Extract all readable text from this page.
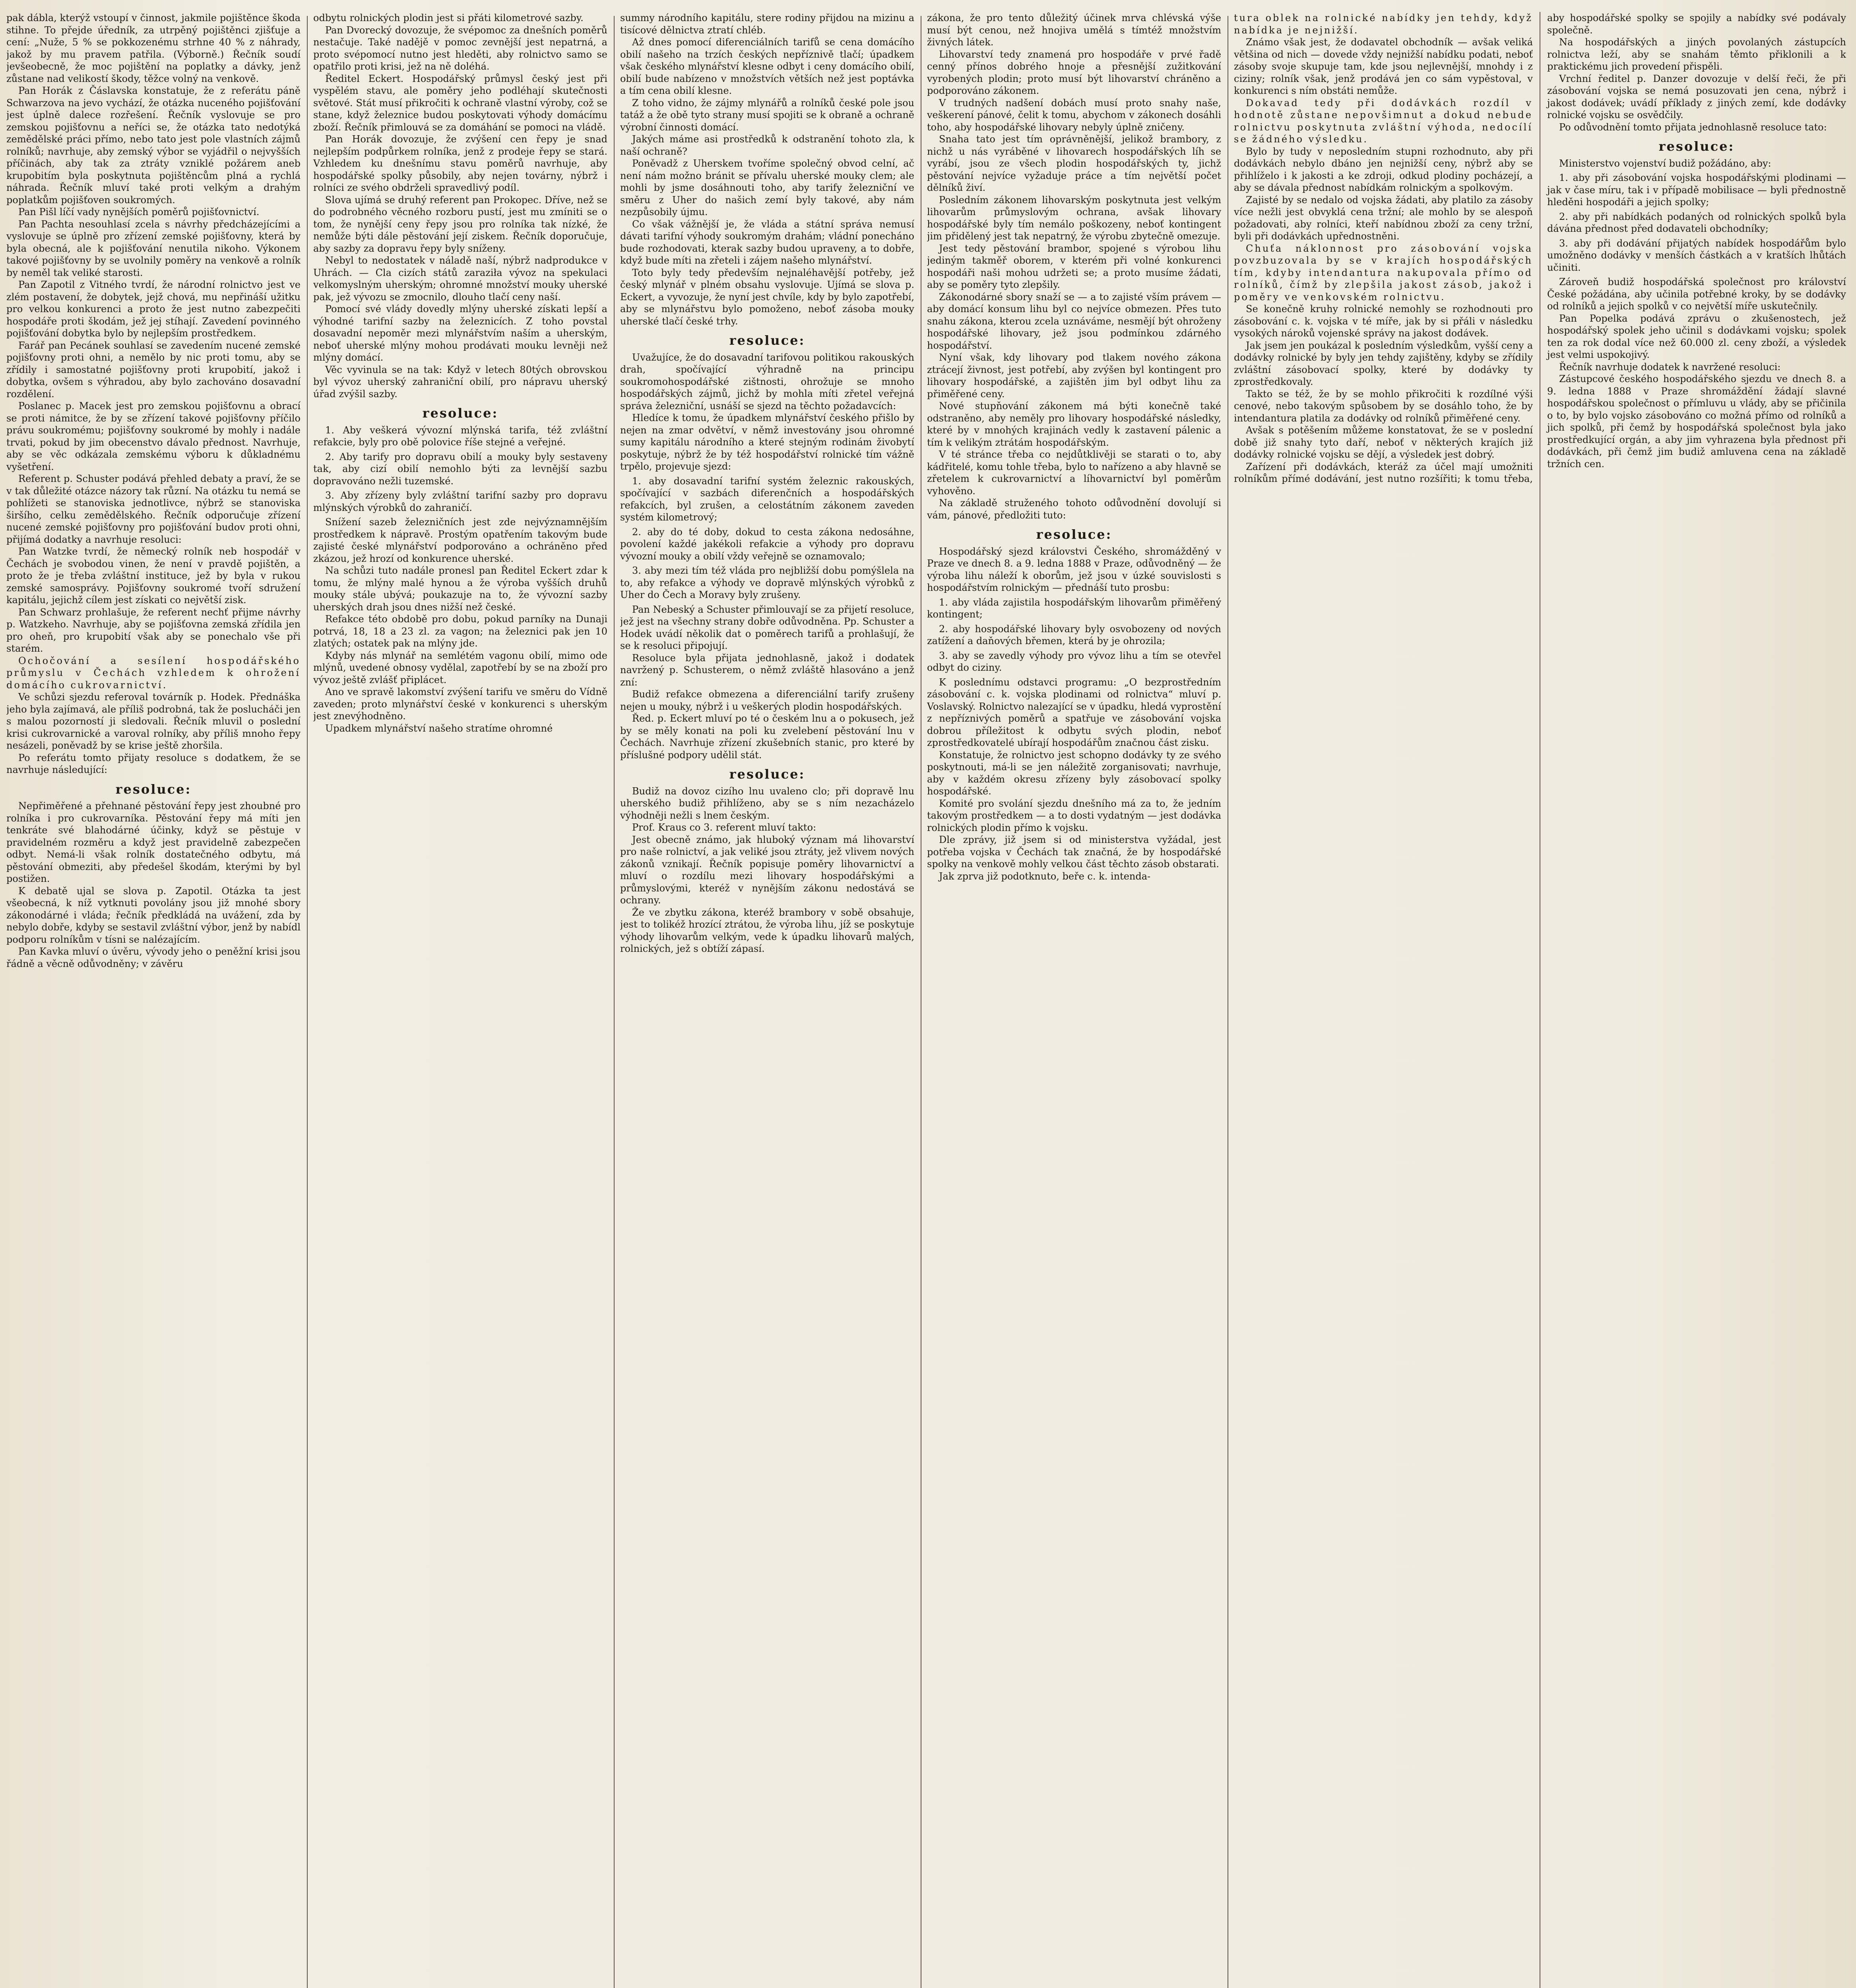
pak dábla, kterýž vstoupí v činnost, jakmile pojištěnce škoda stihne. To přejde úředník, za utrpěný pojištěnci zjišťuje a cení: „Nuže, 5 % se pokkozenému strhne 40 % z náhrady, jakož by mu pravem patřila. (Výborně.) Řečník soudí jevšeobecně, že moc pojištění na poplatky a dávky, jenž zůstane nad velikostí škody, těžce volný na venkově.

Pan Horák z Čáslavska konstatuje, že z referátu páně Schwarzova na jevo vychází, že otázka nuceného pojišťování jest úplně dalece rozřešení. Řečník vyslovuje se pro zemskou pojišťovnu a neříci se, že otázka tato nedotýká zemědělské práci přímo, nebo tato jest pole vlastních zájmů rolníků; navrhuje, aby zemský výbor se vyjádřil o nejvyšších příčinách, aby tak za ztráty vzniklé požárem aneb krupobitím byla poskytnuta pojištěncům plná a rychlá náhrada. Řečník mluví také proti velkým a drahým poplatkům pojišťoven soukromých.

Pan Pišl líčí vady nynějších poměrů pojišťovnictví.

Pan Pachta nesouhlasí zcela s návrhy předcházejícími a vyslovuje se úplně pro zřízení zemské pojišťovny, která by byla obecná, ale k pojišťování nenutila nikoho. Výkonem takové pojišťovny by se uvolnily poměry na venkově a rolník by neměl tak veliké starosti.

Pan Zapotil z Vitného tvrdí, že národní rolnictvo jest ve zlém postavení, že dobytek, jejž chová, mu nepřináší užitku pro velkou konkurenci a proto že jest nutno zabezpečiti hospodáře proti škodám, jež jej stíhají. Zavedení povinného pojišťování dobytka bylo by nejlepším prostředkem.

Farář pan Pecánek souhlasí se zavedením nucené zemské pojišťovny proti ohni, a nemělo by nic proti tomu, aby se zřídily i samostatné pojišťovny proti krupobití, jakož i dobytka, ovšem s výhradou, aby bylo zachováno dosavadní rozdělení.

Poslanec p. Macek jest pro zemskou pojišťovnu a obrací se proti námitce, že by se zřízení takové pojišťovny příčilo právu soukromému; pojišťovny soukromé by mohly i nadále trvati, pokud by jim obecenstvo dávalo přednost. Navrhuje, aby se věc odkázala zemskému výboru k důkladnému vyšetření.

Referent p. Schuster podává přehled debaty a praví, že se v tak důležité otázce názory tak různí. Na otázku tu nemá se pohlížeti se stanoviska jednotlivce, nýbrž se stanoviska širšího, celku zemědělského. Řečník odporučuje zřízení nucené zemské pojišťovny pro pojišťování budov proti ohni, přijímá dodatky a navrhuje resoluci:

Pan Watzke tvrdí, že německý rolník neb hospodář v Čechách je svobodou vinen, že není v pravdě pojištěn, a proto že je třeba zvláštní instituce, jež by byla v rukou zemské samosprávy. Pojišťovny soukromé tvoří sdružení kapitálu, jejichž cílem jest získati co největší zisk.

Pan Schwarz prohlašuje, že referent nechť přijme návrhy p. Watzkeho. Navrhuje, aby se pojišťovna zemská zřídila jen pro oheň, pro krupobití však aby se ponechalo vše při starém.

Ochočování a sesílení hospodářského průmyslu v Čechách vzhledem k ohrožení domácího cukrovarnictví.

Ve schůzi sjezdu referoval továrník p. Hodek. Přednáška jeho byla zajímavá, ale příliš podrobná, tak že poslucháči jen s malou pozorností ji sledovali. Řečník mluvil o poslední krisi cukrovarnické a varoval rolníky, aby příliš mnoho řepy nesázeli, poněvadž by se krise ještě zhoršila.

Po referátu tomto přijaty resoluce s dodatkem, že se navrhuje následující:

resoluce:

Nepřiměřené a přehnané pěstování řepy jest zhoubné pro rolníka i pro cukrovarníka. Pěstování řepy má míti jen tenkráte své blahodárné účinky, když se pěstuje v pravidelném rozměru a když jest pravidelně zabezpečen odbyt. Nemá-li však rolník dostatečného odbytu, má pěstování obmeziti, aby předešel škodám, kterými by byl postižen.

K debatě ujal se slova p. Zapotil. Otázka ta jest všeobecná, k níž vytknuti povolány jsou již mnohé sbory zákonodárné i vláda; řečník předkládá na uvážení, zda by nebylo dobře, kdyby se sestavil zvláštní výbor, jenž by nabídl podporu rolníkům v tísni se nalézajícím.

Pan Kavka mluví o úvěru, vývody jeho o peněžní krisi jsou řádně a věcně odůvodněny; v závěru

odbytu rolnických plodin jest si přáti kilometrové sazby.

Pan Dvorecký dovozuje, že svépomoc za dnešních poměrů nestačuje. Také nadějě v pomoc zevnější jest nepatrná, a proto svépomocí nutno jest hleděti, aby rolnictvo samo se opatřilo proti krisi, jež na ně doléhá.

Ředitel Eckert. Hospodářský průmysl český jest při vyspělém stavu, ale poměry jeho podléhají skutečnosti světové. Stát musí přikročiti k ochraně vlastní výroby, což se stane, když železnice budou poskytovati výhody domácímu zboží. Řečník přimlouvá se za domáhání se pomoci na vládě.

Pan Horák dovozuje, že zvýšení cen řepy je snad nejlepším podpůrkem rolníka, jenž z prodeje řepy se stará. Vzhledem ku dnešnímu stavu poměrů navrhuje, aby hospodářské spolky působily, aby nejen továrny, nýbrž i rolníci ze svého obdrželi spravedlivý podíl.

Slova ujímá se druhý referent pan Prokopec. Dříve, než se do podrobného věcného rozboru pustí, jest mu zmíniti se o tom, že nynější ceny řepy jsou pro rolníka tak nízké, že nemůže býti dále pěstování její ziskem. Řečník doporučuje, aby sazby za dopravu řepy byly sníženy.

Nebyl to nedostatek v náladě naší, nýbrž nadprodukce v Uhrách. — Cla cizích států zaraziła vývoz na spekulaci velkomyslným uherským; ohromné množství mouky uherské pak, jež vývozu se zmocnilo, dlouho tlačí ceny naší.

Pomocí své vlády dovedly mlýny uherské získati lepší a výhodné tarifní sazby na železnicích. Z toho povstal dosavadní nepoměr mezi mlynářstvím naším a uherským, neboť uherské mlýny mohou prodávati mouku levněji než mlýny domácí.

Věc vyvinula se na tak: Když v letech 80tých obrovskou byl vývoz uherský zahraniční obilí, pro nápravu uherský úřad zvýšil sazby.

resoluce:

1. Aby veškerá vývozní mlýnská tarifa, též zvláštní refakcie, byly pro obě polovice říše stejné a veřejné.

2. Aby tarify pro dopravu obilí a mouky byly sestaveny tak, aby cizí obilí nemohlo býti za levnější sazbu dopravováno nežli tuzemské.

3. Aby zřízeny byly zvláštní tarifní sazby pro dopravu mlýnských výrobků do zahraničí.

Snížení sazeb železničních jest zde nejvýznamnějším prostředkem k nápravě. Prostým opatřením takovým bude zajisté české mlynářství podporováno a ochráněno před zkázou, jež hrozí od konkurence uherské.

Na schůzi tuto nadále pronesl pan Ředitel Eckert zdar k tomu, že mlýny malé hynou a že výroba vyšších druhů mouky stále ubývá; poukazuje na to, že vývozní sazby uherských drah jsou dnes nižší než české.

Refakce této obdobě pro dobu, pokud parníky na Dunaji potrvá, 18, 18 a 23 zl. za vagon; na železnici pak jen 10 zlatých; ostatek pak na mlýny jde.

Kdyby nás mlynář na semlétém vagonu obilí, mimo ode mlýnů, uvedené obnosy vydělal, zapotřebí by se na zboží pro vývoz ještě zvlášť připlácet.

Ano ve spravě lakomství zvýšení tarifu ve směru do Vídně zaveden; proto mlynářství české v konkurenci s uherským jest znevýhodněno.

Upadkem mlynářství našeho stratíme ohromné

summy národního kapitálu, stere rodiny přijdou na mizinu a tisícové dělnictva ztratí chléb.

Až dnes pomocí diferenciálních tarifů se cena domácího obilí našeho na trzích českých nepříznivě tlačí; úpadkem však českého mlynářství klesne odbyt i ceny domácího obilí, obilí bude nabízeno v množstvích větších než jest poptávka a tím cena obilí klesne.

Z toho vidno, že zájmy mlynářů a rolníků české pole jsou tatáž a že obě tyto strany musí spojiti se k obraně a ochraně výrobní činnosti domácí.

Jakých máme asi prostředků k odstranění tohoto zla, k naší ochraně?

Poněvadž z Uherskem tvoříme společný obvod celní, ač není nám možno bránit se přívalu uherské mouky clem; ale mohli by jsme dosáhnouti toho, aby tarify železniční ve směru z Uher do našich zemí byly takové, aby nám nezpůsobily újmu.

Co však vážnější je, že vláda a státní správa nemusí dávati tarifní výhody soukromým drahám; vládní ponecháno bude rozhodovati, kterak sazby budou upraveny, a to dobře, když bude míti na zřeteli i zájem našeho mlynářství.

Toto byly tedy především nejnaléhavější potřeby, jež český mlynář v plném obsahu vyslovuje. Ujímá se slova p. Eckert, a vyvozuje, že nyní jest chvíle, kdy by bylo zapotřebí, aby se mlynářstvu bylo pomoženo, neboť zásoba mouky uherské tlačí české trhy.

resoluce:

Uvažujíce, že do dosavadní tarifovou politikou rakouských drah, spočívající výhradně na principu soukromohospodářské zištnosti, ohrožuje se mnoho hospodářských zájmů, jichž by mohla míti zřetel veřejná správa železniční, usnáší se sjezd na těchto požadavcích:

Hledíce k tomu, že úpadkem mlynářství českého přišlo by nejen na zmar odvětví, v němž investovány jsou ohromné sumy kapitálu národního a které stejným rodinám živobytí poskytuje, nýbrž že by též hospodářství rolnické tím vážně trpělo, projevuje sjezd:

1. aby dosavadní tarifní systém železnic rakouských, spočívající v sazbách diferenčních a hospodářských refakcích, byl zrušen, a celostátním zákonem zaveden systém kilometrový;

2. aby do té doby, dokud to cesta zákona nedosáhne, povolení každé jakékoli refakcie a výhody pro dopravu vývozní mouky a obilí vždy veřejně se oznamovalo;

3. aby mezi tím též vláda pro nejbližší dobu pomýšlela na to, aby refakce a výhody ve dopravě mlýnských výrobků z Uher do Čech a Moravy byly zrušeny.

Pan Nebeský a Schuster přimlouvají se za přijetí resoluce, jež jest na všechny strany dobře odůvodněna. Pp. Schuster a Hodek uvádí několik dat o poměrech tarifů a prohlašují, že se k resoluci připojují.

Resoluce byla přijata jednohlasně, jakož i dodatek navržený p. Schusterem, o němž zvláště hlasováno a jenž zní:

Budiž refakce obmezena a diferenciální tarify zrušeny nejen u mouky, nýbrž i u veškerých plodin hospodářských.

Řed. p. Eckert mluví po té o českém lnu a o pokusech, jež by se měly konati na poli ku zvelebení pěstování lnu v Čechách. Navrhuje zřízení zkušebních stanic, pro které by příslušné podpory udělil stát.

resoluce:

Budiž na dovoz cizího lnu uvaleno clo; při dopravě lnu uherského budiž přihlíženo, aby se s ním nezacházelo výhodněji nežli s lnem českým.

Prof. Kraus co 3. referent mluví takto:

Jest obecně známo, jak hluboký význam má lihovarství pro naše rolnictví, a jak veliké jsou ztráty, jež vlivem nových zákonů vznikají. Řečník popisuje poměry lihovarnictví a mluví o rozdílu mezi lihovary hospodářskými a průmyslovými, kteréž v nynějším zákonu nedostává se ochrany.

Že ve zbytku zákona, kteréž brambory v sobě obsahuje, jest to tolikéž hrozící ztrátou, že výroba lihu, jíž se poskytuje výhody lihovarům velkým, vede k úpadku lihovarů malých, rolnických, jež s obtíží zápasí.

zákona, že pro tento důležitý účinek mrva chlévská výše musí být cenou, než hnojiva umělá s tímtéž množstvím živných látek.

Lihovarství tedy znamená pro hospodáře v prvé řadě cenný přínos dobrého hnoje a přesnější zužitkování vyrobených plodin; proto musí být lihovarství chráněno a podporováno zákonem.

V trudných nadšení dobách musí proto snahy naše, veškerení pánové, čelit k tomu, abychom v zákonech dosáhli toho, aby hospodářské lihovary nebyly úplně zničeny.

Snaha tato jest tím oprávněnější, jelikož brambory, z nichž u nás vyráběné v lihovarech hospodářských líh se vyrábí, jsou ze všech plodin hospodářských ty, jichž pěstování nejvíce vyžaduje práce a tím největší počet dělníků živí.

Posledním zákonem lihovarským poskytnuta jest velkým lihovarům průmyslovým ochrana, avšak lihovary hospodářské byly tím nemálo poškozeny, neboť kontingent jim přidělený jest tak nepatrný, že výrobu zbytečně omezuje.

Jest tedy pěstování brambor, spojené s výrobou lihu jediným takměř oborem, v kterém při volné konkurenci hospodáři naši mohou udržeti se; a proto musíme žádati, aby se poměry tyto zlepšily.

Zákonodárné sbory snaží se — a to zajisté vším právem — aby domácí konsum lihu byl co nejvíce obmezen. Přes tuto snahu zákona, kterou zcela uznáváme, nesmějí být ohroženy hospodářské lihovary, jež jsou podmínkou zdárného hospodářství.

Nyní však, kdy lihovary pod tlakem nového zákona ztrácejí živnost, jest potřebí, aby zvýšen byl kontingent pro lihovary hospodářské, a zajištěn jim byl odbyt lihu za přiměřené ceny.

Nové stupňování zákonem má býti konečně také odstraněno, aby neměly pro lihovary hospodářské následky, které by v mnohých krajinách vedly k zastavení pálenic a tím k velikým ztrátám hospodářským.

V té stránce třeba co nejdůtklivěji se starati o to, aby kádřitelé, komu tohle třeba, bylo to nařízeno a aby hlavně se zřetelem k cukrovarnictví a líhovarnictví byl poměrům vyhověno.

Na základě struženého tohoto odůvodnění dovolují si vám, pánové, předložiti tuto:

resoluce:

Hospodářský sjezd královstvi Českého, shromážděný v Praze ve dnech 8. a 9. ledna 1888 v Praze, odůvodněný — že výroba lihu náleží k oborům, jež jsou v úzké souvislosti s hospodářstvím rolnickým — přednáší tuto prosbu:

1. aby vláda zajistila hospodářským lihovarům přiměřený kontingent;

2. aby hospodářské lihovary byly osvobozeny od nových zatížení a daňových břemen, která by je ohrozila;

3. aby se zavedly výhody pro vývoz lihu a tím se otevřel odbyt do ciziny.

K poslednímu odstavci programu: „O bezprostředním zásobování c. k. vojska plodinami od rolnictva“ mluví p. Voslavský. Rolnictvo nalezající se v úpadku, hledá vyprostění z nepříznivých poměrů a spatřuje ve zásobování vojska dobrou příležitost k odbytu svých plodin, neboť zprostředkovatelé ubírají hospodářům značnou část zisku.

Konstatuje, že rolnictvo jest schopno dodávky ty ze svého poskytnouti, má-li se jen náležitě zorganisovati; navrhuje, aby v každém okresu zřízeny byly zásobovací spolky hospodářské.

Komité pro svolání sjezdu dnešního má za to, že jedním takovým prostředkem — a to dosti vydatným — jest dodávka rolnických plodin přímo k vojsku.

Dle zprávy, již jsem si od ministerstva vyžádal, jest potřeba vojska v Čechách tak značná, že by hospodářské spolky na venkově mohly velkou část těchto zásob obstarati.

Jak zprva již podotknuto, beře c. k. intenda-

tura oblek na rolnické nabídky jen tehdy, když nabídka je nejnižší.

Známo však jest, že dodavatel obchodník — avšak veliká většina od nich — dovede vždy nejnižší nabídku podati, neboť zásoby svoje skupuje tam, kde jsou nejlevnější, mnohdy i z ciziny; rolník však, jenž prodává jen co sám vypěstoval, v konkurenci s ním obstáti nemůže.

Dokavad tedy při dodávkách rozdíl v hodnotě zůstane nepovšimnut a dokud nebude rolnictvu poskytnuta zvláštní výhoda, nedocílí se žádného výsledku.

Bylo by tudy v neposledním stupni rozhodnuto, aby při dodávkách nebylo dbáno jen nejnižší ceny, nýbrž aby se přihlíželo i k jakosti a ke zdroji, odkud plodiny pocházejí, a aby se dávala přednost nabídkám rolnickým a spolkovým.

Zajisté by se nedalo od vojska žádati, aby platilo za zásoby více nežli jest obvyklá cena tržní; ale mohlo by se alespoň požadovati, aby rolníci, kteří nabídnou zboží za ceny tržní, byli při dodávkách upřednostněni.

Chuťa náklonnost pro zásobování vojska povzbuzovala by se v krajích hospodářských tím, kdyby intendantura nakupovala přímo od rolníků, čímž by zlepšila jakost zásob, jakož i poměry ve venkovském rolnictvu.

Se konečně kruhy rolnické nemohly se rozhodnouti pro zásobování c. k. vojska v té míře, jak by si přáli v následku vysokých nároků vojenské správy na jakost dodávek.

Jak jsem jen poukázal k posledním výsledkům, vyšší ceny a dodávky rolnické by byly jen tehdy zajištěny, kdyby se zřídily zvláštní zásobovací spolky, které by dodávky ty zprostředkovaly.

Takto se též, že by se mohlo přikročiti k rozdílné výši cenové, nebo takovým spůsobem by se dosáhlo toho, že by intendantura platila za dodávky od rolníků přiměřené ceny.

Avšak s potěšením můžeme konstatovat, že se v poslední době již snahy tyto daří, neboť v některých krajích již dodávky rolnické vojsku se dějí, a výsledek jest dobrý.

Zařízení při dodávkách, kteráž za účel mají umožniti rolníkům přímé dodávání, jest nutno rozšířiti; k tomu třeba, aby hospodářské spolky se spojily a nabídky své podávaly společně.

Na hospodářských a jiných povolaných zástupcích rolnictva leží, aby se snahám těmto přiklonili a k praktickému jich provedení přispěli.

Vrchní ředitel p. Danzer dovozuje v delší řeči, že při zásobování vojska se nemá posuzovati jen cena, nýbrž i jakost dodávek; uvádí příklady z jiných zemí, kde dodávky rolnické vojsku se osvědčily.

Po odůvodnění tomto přijata jednohlasně resoluce tato:

resoluce:

Ministerstvo vojenství budiž požádáno, aby:

1. aby při zásobování vojska hospodářskými plodinami — jak v čase míru, tak i v případě mobilisace — byli přednostně hleděni hospodáři a jejich spolky;

2. aby při nabídkách podaných od rolnických spolků byla dávána přednost před dodavateli obchodníky;

3. aby při dodávání přijatých nabídek hospodářům bylo umožněno dodávky v menších částkách a v kratších lhůtách učiniti.

Zároveň budiž hospodářská společnost pro království České požádána, aby učinila potřebné kroky, by se dodávky od rolníků a jejich spolků v co největší míře uskutečnily.

Pan Popelka podává zprávu o zkušenostech, jež hospodářský spolek jeho učinil s dodávkami vojsku; spolek ten za rok dodal více než 60.000 zl. ceny zboží, a výsledek jest velmi uspokojivý.

Řečník navrhuje dodatek k navržené resoluci:

Zástupcové českého hospodářského sjezdu ve dnech 8. a 9. ledna 1888 v Praze shromáždění žádají slavné hospodářskou společnost o přímluvu u vlády, aby se přičinila o to, by bylo vojsko zásobováno co možná přímo od rolníků a jich spolků, při čemž by hospodářská společnost byla jako prostředkující orgán, a aby jim vyhrazena byla přednost při dodávkách, při čemž jim budiž amluvena cena na základě tržních cen.
